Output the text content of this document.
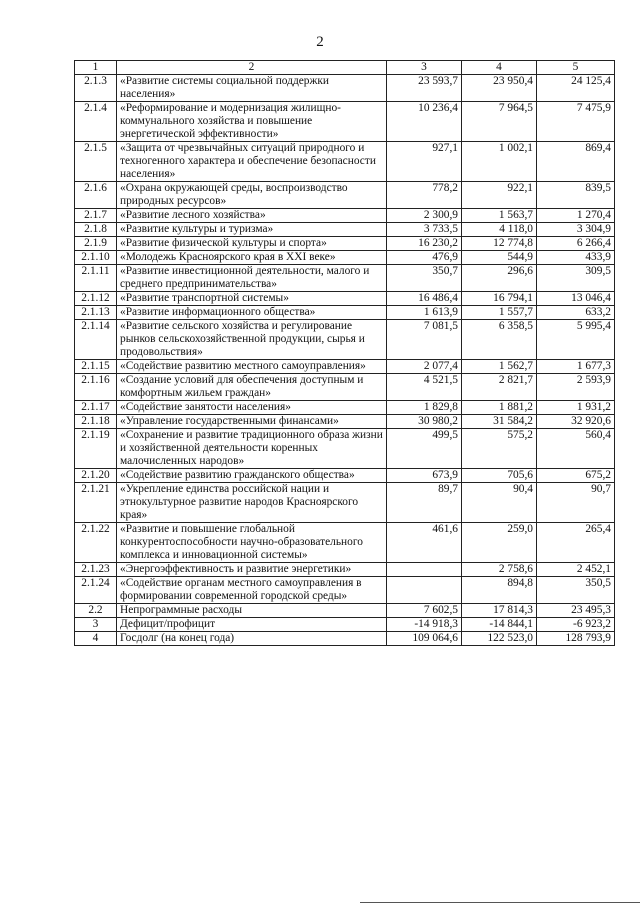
2
1	2	3	4	5
2.1.3	«Развитие системы социальной поддержки населения»	23 593,7	23 950,4	24 125,4
2.1.4	«Реформирование и модернизация жилищно-коммунального хозяйства и повышение энергетической эффективности»	10 236,4	7 964,5	7 475,9
2.1.5	«Защита от чрезвычайных ситуаций природного и техногенного характера и обеспечение безопасности населения»	927,1	1 002,1	869,4
2.1.6	«Охрана окружающей среды, воспроизводство природных ресурсов»	778,2	922,1	839,5
2.1.7	«Развитие лесного хозяйства»	2 300,9	1 563,7	1 270,4
2.1.8	«Развитие культуры и туризма»	3 733,5	4 118,0	3 304,9
2.1.9	«Развитие физической культуры и спорта»	16 230,2	12 774,8	6 266,4
2.1.10	«Молодежь Красноярского края в XXI веке»	476,9	544,9	433,9
2.1.11	«Развитие инвестиционной деятельности, малого и среднего предпринимательства»	350,7	296,6	309,5
2.1.12	«Развитие транспортной системы»	16 486,4	16 794,1	13 046,4
2.1.13	«Развитие информационного общества»	1 613,9	1 557,7	633,2
2.1.14	«Развитие сельского хозяйства и регулирование рынков сельскохозяйственной продукции, сырья и продовольствия»	7 081,5	6 358,5	5 995,4
2.1.15	«Содействие развитию местного самоуправления»	2 077,4	1 562,7	1 677,3
2.1.16	«Создание условий для обеспечения доступным и комфортным жильем граждан»	4 521,5	2 821,7	2 593,9
2.1.17	«Содействие занятости населения»	1 829,8	1 881,2	1 931,2
2.1.18	«Управление государственными финансами»	30 980,2	31 584,2	32 920,6
2.1.19	«Сохранение и развитие традиционного образа жизни и хозяйственной деятельности коренных малочисленных народов»	499,5	575,2	560,4
2.1.20	«Содействие развитию гражданского общества»	673,9	705,6	675,2
2.1.21	«Укрепление единства российской нации и этнокультурное развитие народов Красноярского края»	89,7	90,4	90,7
2.1.22	«Развитие и повышение глобальной конкурентоспособности научно-образовательного комплекса и инновационной системы»	461,6	259,0	265,4
2.1.23	«Энергоэффективность и развитие энергетики»		2 758,6	2 452,1
2.1.24	«Содействие органам местного самоуправления в формировании современной городской среды»		894,8	350,5
2.2	Непрограммные расходы	7 602,5	17 814,3	23 495,3
3	Дефицит/профицит	-14 918,3	-14 844,1	-6 923,2
4	Госдолг (на конец года)	109 064,6	122 523,0	128 793,9
